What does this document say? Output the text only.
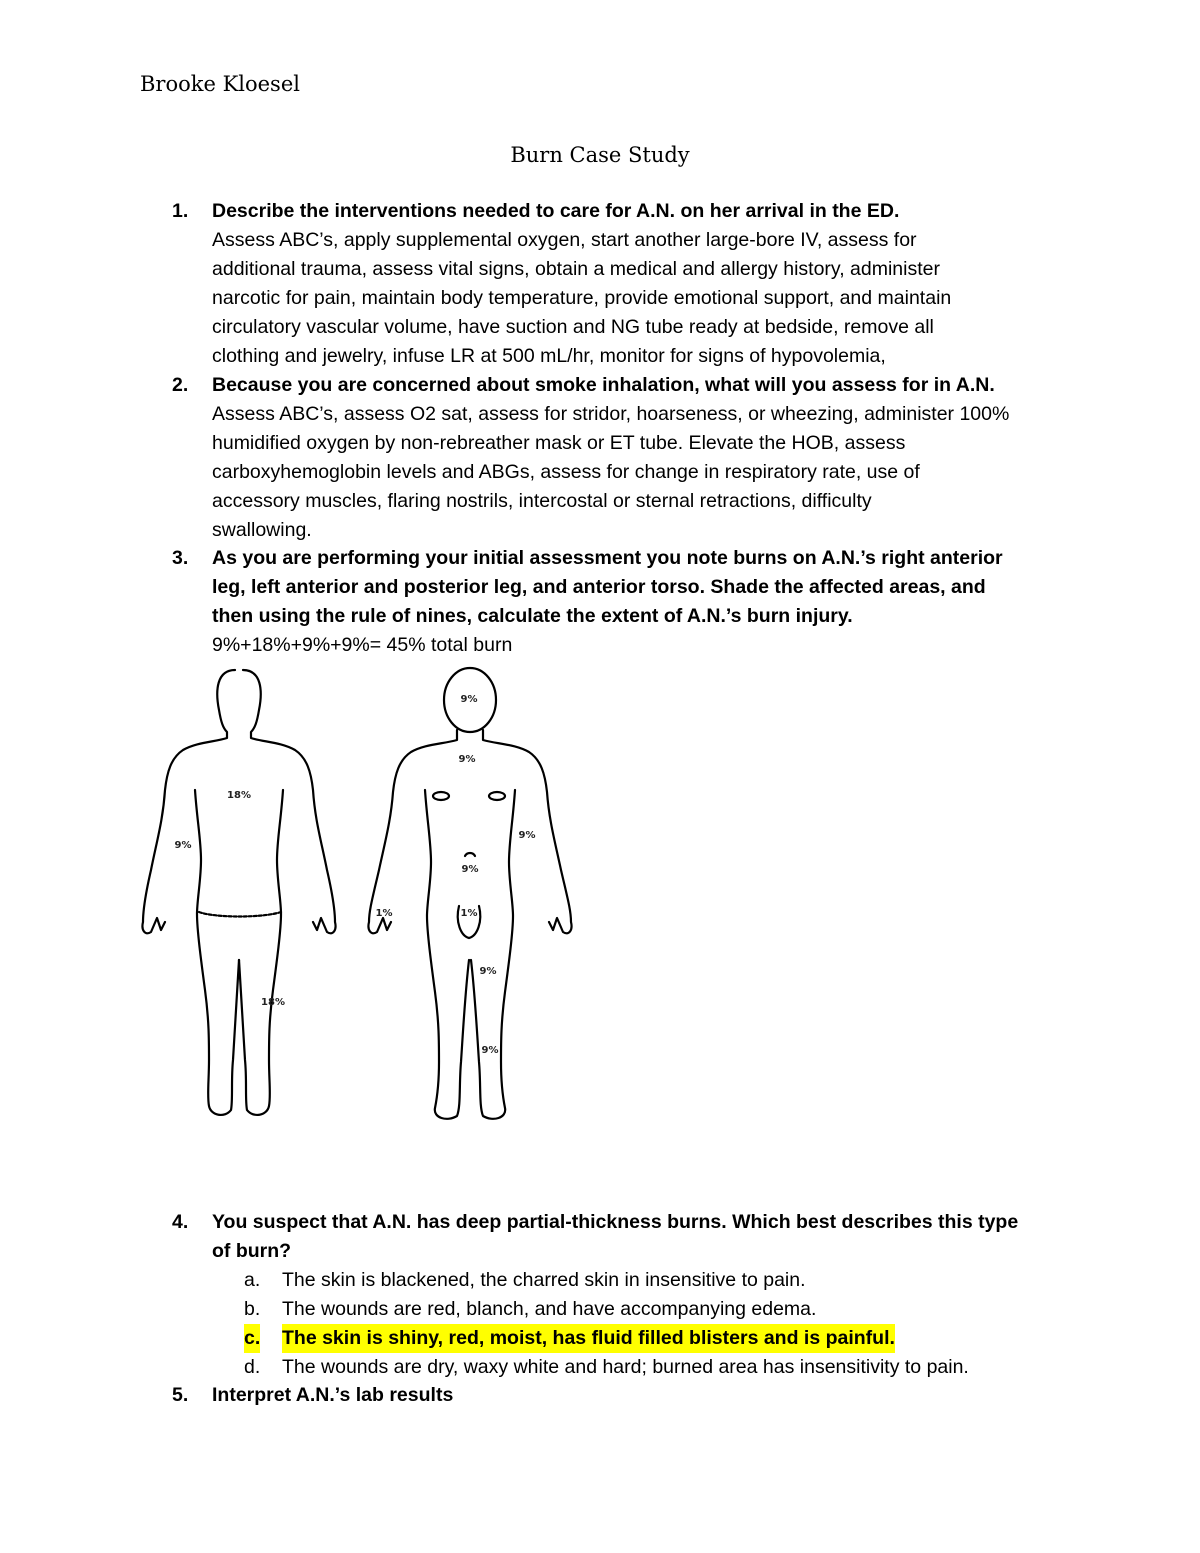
Brooke Kloesel
Burn Case Study
1. Describe the interventions needed to care for A.N. on her arrival in the ED.
Assess ABC’s, apply supplemental oxygen, start another large-bore IV, assess for
additional trauma, assess vital signs, obtain a medical and allergy history, administer
narcotic for pain, maintain body temperature, provide emotional support, and maintain
circulatory vascular volume, have suction and NG tube ready at bedside, remove all
clothing and jewelry, infuse LR at 500 mL/hr, monitor for signs of hypovolemia,
2. Because you are concerned about smoke inhalation, what will you assess for in A.N.
Assess ABC’s, assess O2 sat, assess for stridor, hoarseness, or wheezing, administer 100%
humidified oxygen by non-rebreather mask or ET tube. Elevate the HOB, assess
carboxyhemoglobin levels and ABGs, assess for change in respiratory rate, use of
accessory muscles, flaring nostrils, intercostal or sternal retractions, difficulty
swallowing.
3. As you are performing your initial assessment you note burns on A.N.’s right anterior
leg, left anterior and posterior leg, and anterior torso. Shade the affected areas, and
then using the rule of nines, calculate the extent of A.N.’s burn injury.
9%+18%+9%+9%= 45% total burn
18%
9%
18%
9%
9%
9%
9%
1%	1%
9%
9%
4. You suspect that A.N. has deep partial-thickness burns. Which best describes this type
of burn?
a. The skin is blackened, the charred skin in insensitive to pain.
b. The wounds are red, blanch, and have accompanying edema.
c. The skin is shiny, red, moist, has fluid filled blisters and is painful.
d. The wounds are dry, waxy white and hard; burned area has insensitivity to pain.
5. Interpret A.N.’s lab results
